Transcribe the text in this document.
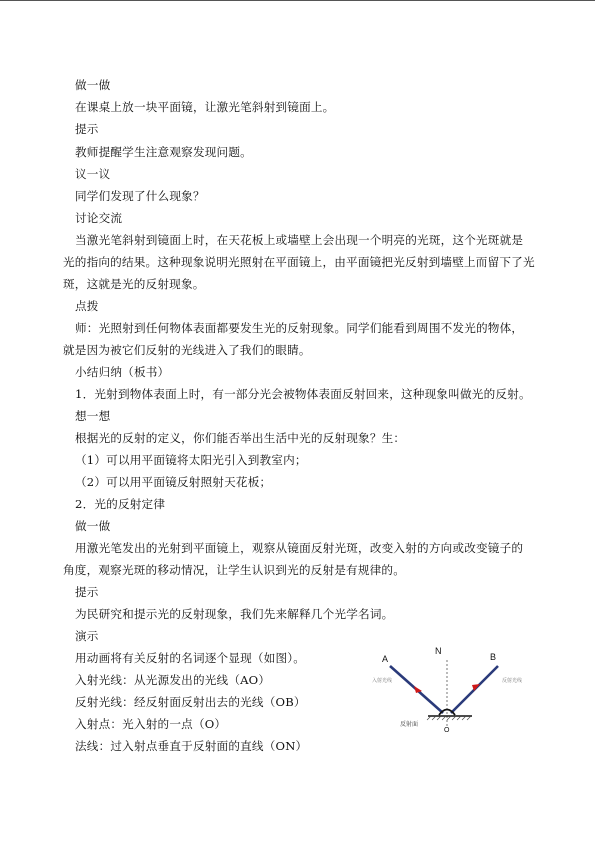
做一做
在课桌上放一块平面镜，让激光笔斜射到镜面上。
提示
教师提醒学生注意观察发现问题。
议一议
同学们发现了什么现象？
讨论交流
当激光笔斜射到镜面上时，在天花板上或墙壁上会出现一个明亮的光斑，这个光斑就是
光的指向的结果。这种现象说明光照射在平面镜上，由平面镜把光反射到墙壁上而留下了光
斑，这就是光的反射现象。
点拨
师：光照射到任何物体表面都要发生光的反射现象。同学们能看到周围不发光的物体，
就是因为被它们反射的光线进入了我们的眼睛。
小结归纳（板书）
1．光射到物体表面上时，有一部分光会被物体表面反射回来，这种现象叫做光的反射。
想一想
根据光的反射的定义，你们能否举出生活中光的反射现象？生：
（1）可以用平面镜将太阳光引入到教室内；
（2）可以用平面镜反射照射天花板；
2．光的反射定律
做一做
用激光笔发出的光射到平面镜上，观察从镜面反射光斑，改变入射的方向或改变镜子的
角度，观察光斑的移动情况，让学生认识到光的反射是有规律的。
提示
为民研究和提示光的反射现象，我们先来解释几个光学名词。
演示
用动画将有关反射的名词逐个显现（如图）。
入射光线：从光源发出的光线（AO）
反射光线：经反射面反射出去的光线（OB）
入射点：光入射的一点（O）
法线：过入射点垂直于反射面的直线（ON）
A	B
N
O
入射光线	反射光线
反射面
